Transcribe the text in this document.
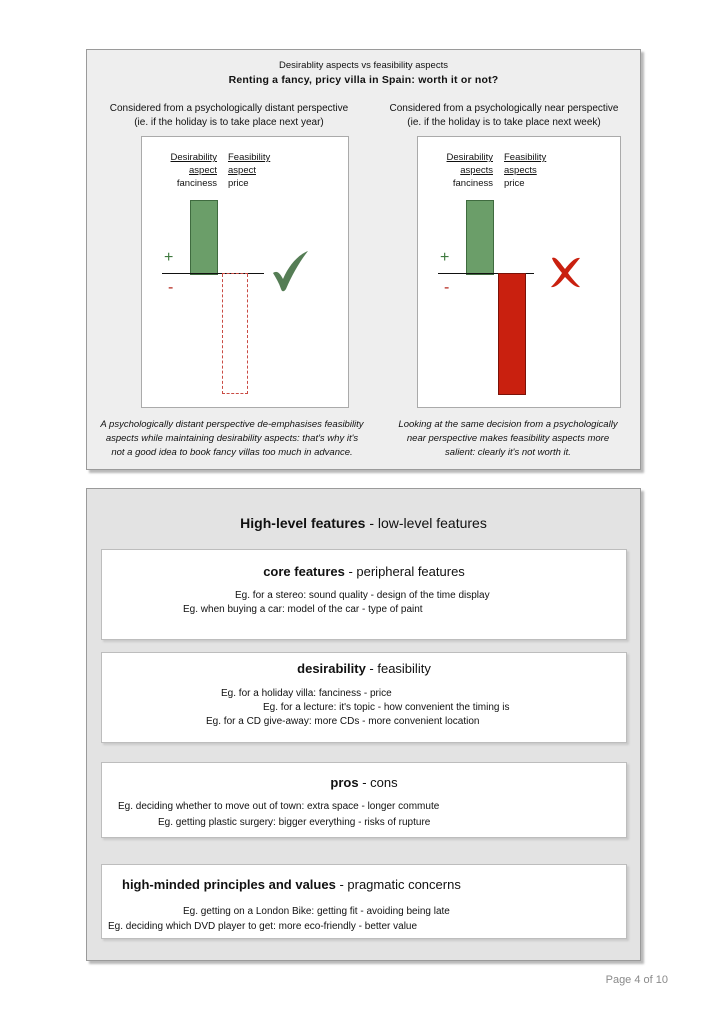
Desirablity aspects vs feasibility aspects
Renting a fancy, pricy villa in Spain: worth it or not?
Considered from a psychologically distant perspective
(ie. if the holiday is to take place next year)
Considered from a psychologically near perspective
(ie. if the holiday is to take place next week)
Desirability
aspect
fanciness
Feasibility
aspect
price
+
-
Desirability
aspects
fanciness
Feasibility
aspects
price
+
-
A psychologically distant perspective de-emphasises feasibility
aspects while maintaining desirability aspects: that's why it's
not a good idea to book fancy villas too much in advance.
Looking at the same decision from a psychologically
near perspective makes feasibility aspects more
salient: clearly it's not worth it.
High-level features - low-level features
core features - peripheral features
Eg. for a stereo: sound quality - design of the time display
Eg. when buying a car: model of the car - type of paint
desirability - feasibility
Eg. for a holiday villa: fanciness - price
Eg. for a lecture: it's topic - how convenient the timing is
Eg. for a CD give-away: more CDs - more convenient location
pros - cons
Eg. deciding whether to move out of town: extra space - longer commute
Eg. getting plastic surgery: bigger everything - risks of rupture
high-minded principles and values - pragmatic concerns
Eg. getting on a London Bike: getting fit - avoiding being late
Eg. deciding which DVD player to get: more eco-friendly - better value
Page 4 of 10
